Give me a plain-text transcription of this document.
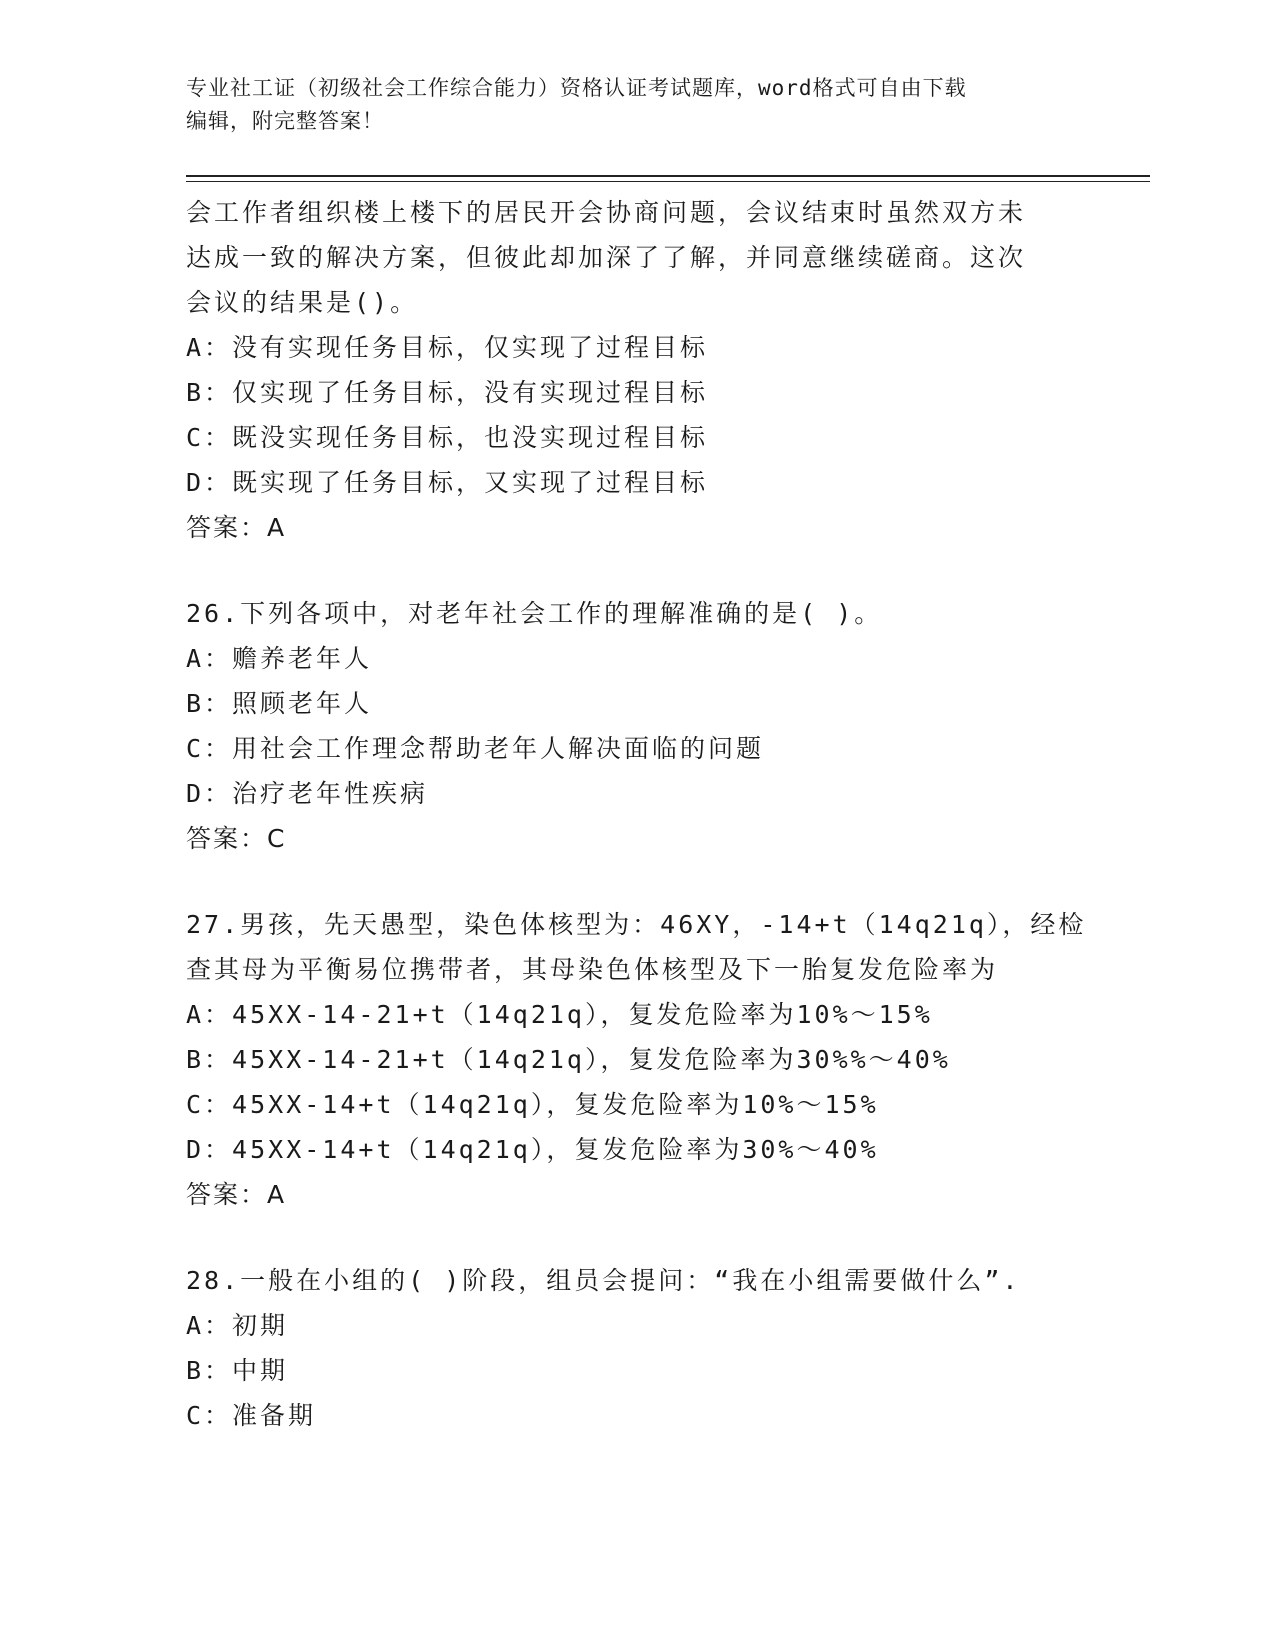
专业社工证（初级社会工作综合能力）资格认证考试题库，word格式可自由下载
编辑，附完整答案！
会工作者组织楼上楼下的居民开会协商问题，会议结束时虽然双方未
达成一致的解决方案，但彼此却加深了了解，并同意继续磋商。这次
会议的结果是()。
A：没有实现任务目标，仅实现了过程目标
B：仅实现了任务目标，没有实现过程目标
C：既没实现任务目标，也没实现过程目标
D：既实现了任务目标，又实现了过程目标
答案：A
26.下列各项中，对老年社会工作的理解准确的是( )。
A：赡养老年人
B：照顾老年人
C：用社会工作理念帮助老年人解决面临的问题
D：治疗老年性疾病
答案：C
27.男孩，先天愚型，染色体核型为：46XY，-14+t（14q21q），经检
查其母为平衡易位携带者，其母染色体核型及下一胎复发危险率为
A：45XX-14-21+t（14q21q），复发危险率为10%～15%
B：45XX-14-21+t（14q21q），复发危险率为30%%～40%
C：45XX-14+t（14q21q），复发危险率为10%～15%
D：45XX-14+t（14q21q），复发危险率为30%～40%
答案：A
28.一般在小组的( )阶段，组员会提问：“我在小组需要做什么”.
A：初期
B：中期
C：准备期
